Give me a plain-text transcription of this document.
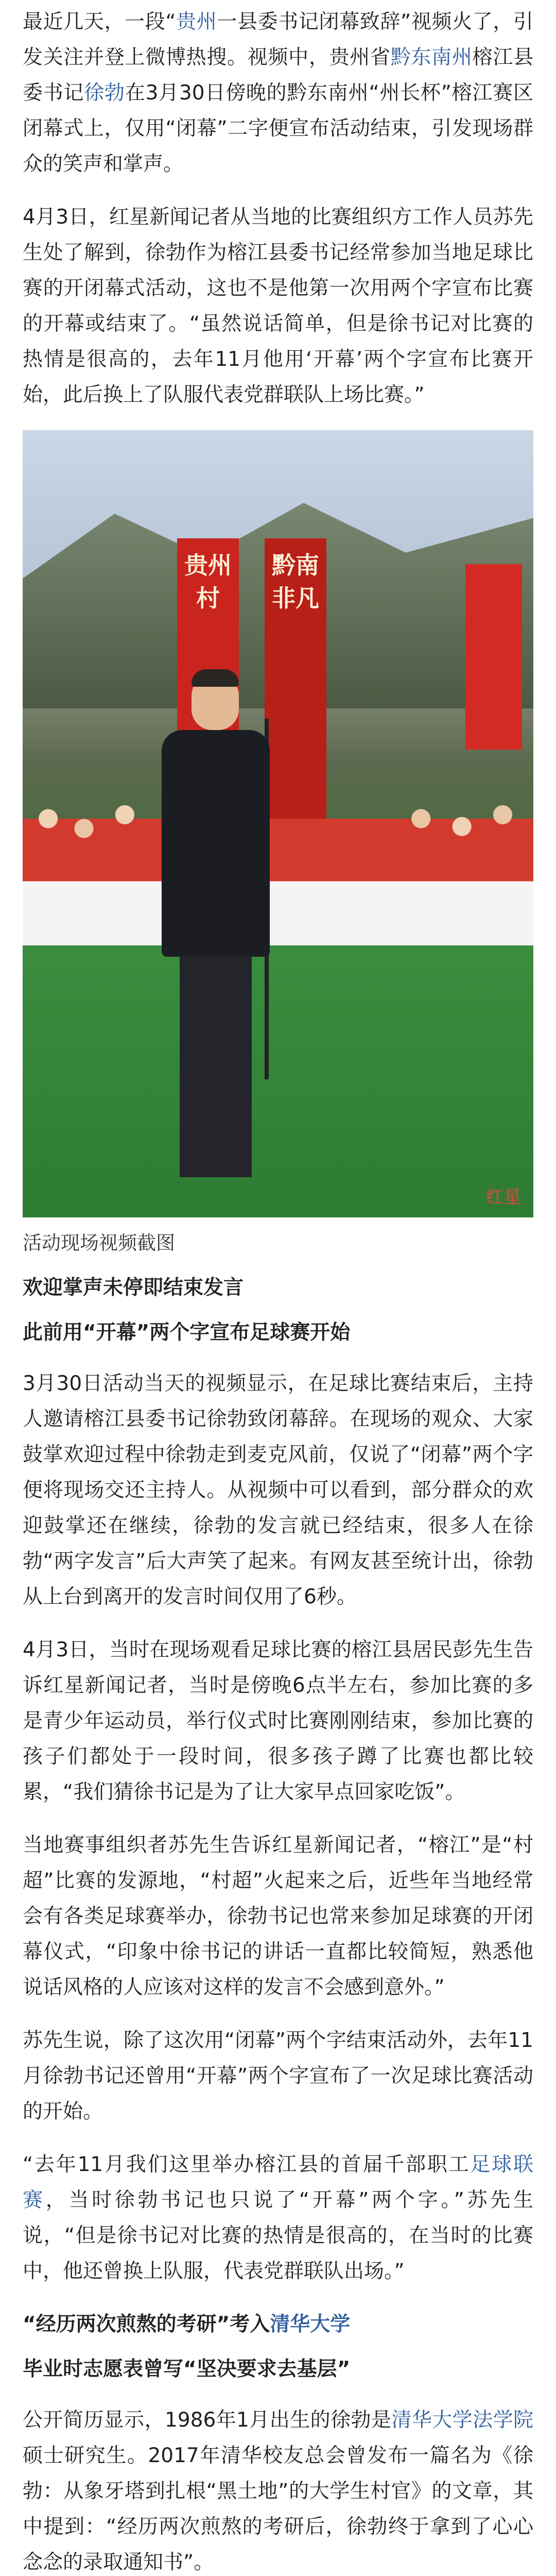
最近几天，一段“贵州一县委书记闭幕致辞”视频火了，引发关注并登上微博热搜。视频中，贵州省黔东南州榕江县委书记徐勃在3月30日傍晚的黔东南州“州长杯”榕江赛区闭幕式上，仅用“闭幕”二字便宣布活动结束，引发现场群众的笑声和掌声。

4月3日，红星新闻记者从当地的比赛组织方工作人员苏先生处了解到，徐勃作为榕江县委书记经常参加当地足球比赛的开闭幕式活动，这也不是他第一次用两个字宣布比赛的开幕或结束了。“虽然说话简单，但是徐书记对比赛的热情是很高的，去年11月他用‘开幕’两个字宣布比赛开始，此后换上了队服代表党群联队上场比赛。”

贵州村
黔南非凡
红星
活动现场视频截图
欢迎掌声未停即结束发言
此前用“开幕”两个字宣布足球赛开始

3月30日活动当天的视频显示，在足球比赛结束后，主持人邀请榕江县委书记徐勃致闭幕辞。在现场的观众、大家鼓掌欢迎过程中徐勃走到麦克风前，仅说了“闭幕”两个字便将现场交还主持人。从视频中可以看到，部分群众的欢迎鼓掌还在继续，徐勃的发言就已经结束，很多人在徐勃“两字发言”后大声笑了起来。有网友甚至统计出，徐勃从上台到离开的发言时间仅用了6秒。

4月3日，当时在现场观看足球比赛的榕江县居民彭先生告诉红星新闻记者，当时是傍晚6点半左右，参加比赛的多是青少年运动员，举行仪式时比赛刚刚结束，参加比赛的孩子们都处于一段时间，很多孩子蹲了比赛也都比较累，“我们猜徐书记是为了让大家早点回家吃饭”。

当地赛事组织者苏先生告诉红星新闻记者，“榕江”是“村超”比赛的发源地，“村超”火起来之后，近些年当地经常会有各类足球赛举办，徐勃书记也常来参加足球赛的开闭幕仪式，“印象中徐书记的讲话一直都比较简短，熟悉他说话风格的人应该对这样的发言不会感到意外。”

苏先生说，除了这次用“闭幕”两个字结束活动外，去年11月徐勃书记还曾用“开幕”两个字宣布了一次足球比赛活动的开始。

“去年11月我们这里举办榕江县的首届千部职工足球联赛，当时徐勃书记也只说了“开幕”两个字。”苏先生说，“但是徐书记对比赛的热情是很高的，在当时的比赛中，他还曾换上队服，代表党群联队出场。”

“经历两次煎熬的考研”考入清华大学
毕业时志愿表曾写“坚决要求去基层”

公开简历显示，1986年1月出生的徐勃是清华大学法学院硕士研究生。2017年清华校友总会曾发布一篇名为《徐勃：从象牙塔到扎根“黑土地”的大学生村官》的文章，其中提到：“经历两次煎熬的考研后，徐勃终于拿到了心心念念的录取通知书”。
